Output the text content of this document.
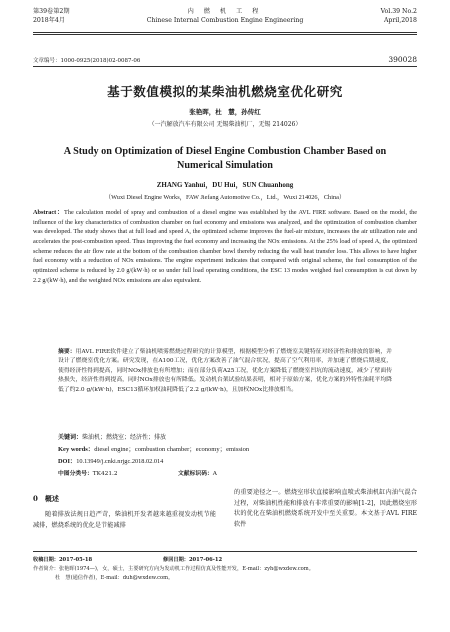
第39卷第2期
2018年4月
内 燃 机 工 程
Chinese Internal Combustion Engine Engineering
Vol.39 No.2
April,2018
文章编号：1000-0925(2018)02-0087-06	390028
基于数值模拟的某柴油机燃烧室优化研究
张艳晖，杜　慧，孙传红
（一汽解放汽车有限公司 无锡柴油机厂，无锡 214026）
A Study on Optimization of Diesel Engine Combustion Chamber Based on Numerical Simulation
ZHANG Yanhui，DU Hui，SUN Chuanhong
（Wuxi Diesel Engine Works，FAW Jiefang Automotive Co.，Ltd.，Wuxi 214026，China）
Abstract：The calculation model of spray and combustion of a diesel engine was established by the AVL FIRE software. Based on the model, the influence of the key characteristics of combustion chamber on fuel economy and emissions was analyzed, and the optimization of combustion chamber was developed. The study shows that at full load and speed A, the optimized scheme improves the fuel-air mixture, increases the air utilization rate and accelerates the post-combustion speed. Thus improving the fuel economy and increasing the NOx emissions. At the 25% load of speed A, the optimized scheme reduces the air flow rate at the bottom of the combustion chamber bowl thereby reducing the wall heat transfer loss. This allows to have higher fuel economy with a reduction of NOx emissions. The engine experiment indicates that compared with original scheme, the fuel consumption of the optimized scheme is reduced by 2.0 g/(kW·h) or so under full load operating conditions, the ESC 13 modes weighed fuel consumption is cut down by 2.2 g/(kW·h), and the weighted NOx emissions are also equivalent.
摘要：用AVL FIRE软件建立了柴油机喷雾燃烧过程研究的计算模型，根据模型分析了燃烧室关键特征对经济性和排放的影响，并设计了燃烧室优化方案。研究发现，在A100工况，优化方案改善了油气混合状况，提高了空气利用率，并加速了燃烧后期速度，使得经济性得到提高，同时NOx排放也有所增加；而在部分负荷A25工况，优化方案降低了燃烧室凹坑的流动速度，减少了壁面传热损失，经济性得到提高，同时NOx排放也有所降低。发动机台架试验结果表明，相对于原始方案，优化方案的外特性油耗平均降低了约2.0 g/(kW·h)，ESC13循环加权油耗降低了2.2 g/(kW·h)，且加权NOx比排放相当。
关键词：柴油机；燃烧室；经济性；排放
Key words：diesel engine；combustion chamber；economy；emission
DOI：10.13949/j.cnki.nrjgc.2018.02.014
中图分类号：TK421.2	文献标识码：A
0　概述
随着排放法规日趋严苛，柴油机开发者越来越重视发动机节能减排，燃烧系统的优化是节能减排
的重要途径之一。燃烧室形状直接影响直喷式柴油机缸内油气混合过程，对柴油机性能和排放有非常重要的影响[1-2]，因此燃烧室形状的优化在柴油机燃烧系统开发中至关重要。本文基于AVL FIRE软件
收稿日期：2017-05-18	修回日期：2017-06-12
作者简介：张艳晖(1974—)，女，硕士，主要研究方向为发动机工作过程仿真及性能开发，E-mail：zyh@wxdew.com。
杜　慧(通信作者)，E-mail：duh@wxdew.com。
